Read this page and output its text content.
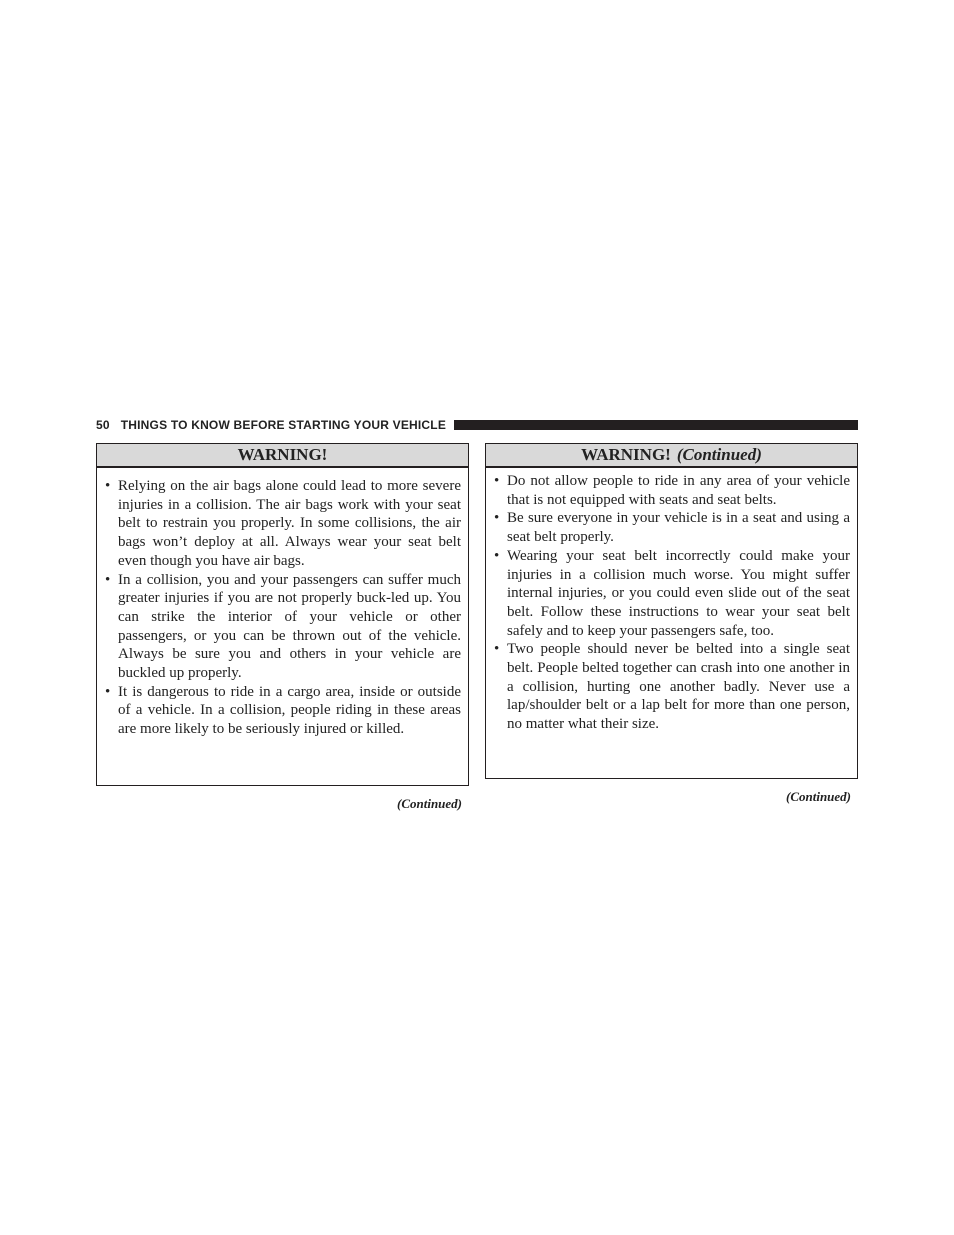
50 THINGS TO KNOW BEFORE STARTING YOUR VEHICLE
WARNING!
• Relying on the air bags alone could lead to more severe injuries in a collision. The air bags work with your seat belt to restrain you properly. In some collisions, the air bags won’t deploy at all. Always wear your seat belt even though you have air bags.
• In a collision, you and your passengers can suffer much greater injuries if you are not properly buck-led up. You can strike the interior of your vehicle or other passengers, or you can be thrown out of the vehicle. Always be sure you and others in your vehicle are buckled up properly.
• It is dangerous to ride in a cargo area, inside or outside of a vehicle. In a collision, people riding in these areas are more likely to be seriously injured or killed.
(Continued)
WARNING! (Continued)
• Do not allow people to ride in any area of your vehicle that is not equipped with seats and seat belts.
• Be sure everyone in your vehicle is in a seat and using a seat belt properly.
• Wearing your seat belt incorrectly could make your injuries in a collision much worse. You might suffer internal injuries, or you could even slide out of the seat belt. Follow these instructions to wear your seat belt safely and to keep your passengers safe, too.
• Two people should never be belted into a single seat belt. People belted together can crash into one another in a collision, hurting one another badly. Never use a lap/shoulder belt or a lap belt for more than one person, no matter what their size.
(Continued)
